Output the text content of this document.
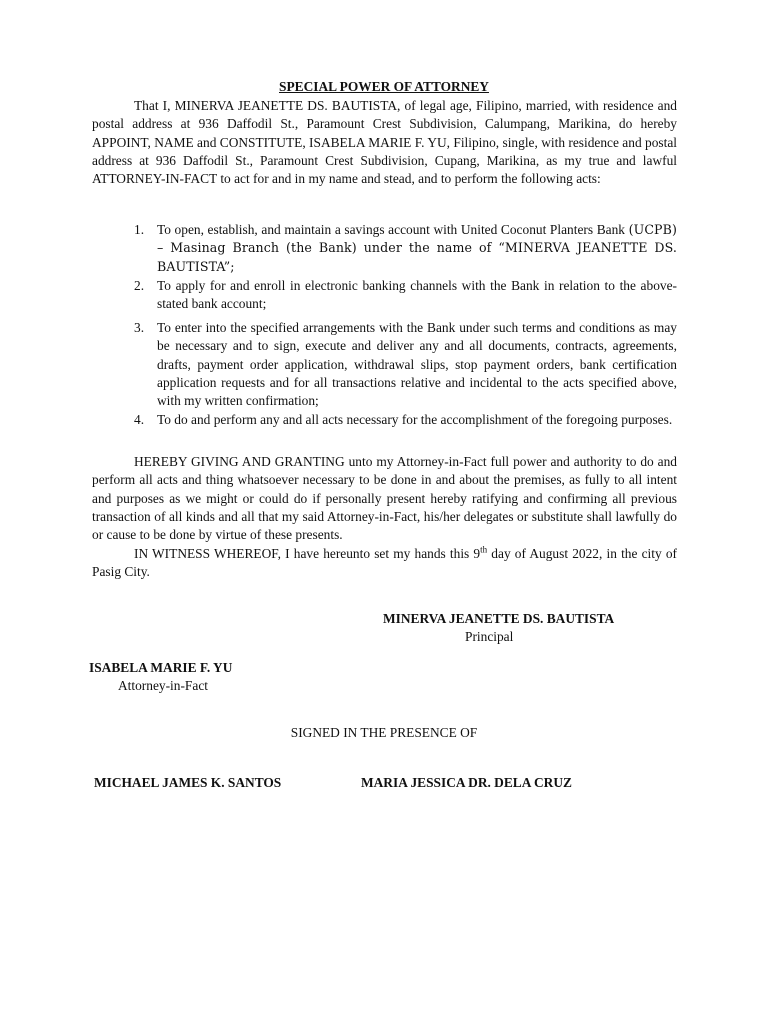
SPECIAL POWER OF ATTORNEY

That I, MINERVA JEANETTE DS. BAUTISTA, of legal age, Filipino, married, with residence and postal address at 936 Daffodil St., Paramount Crest Subdivision, Calumpang, Marikina, do hereby APPOINT, NAME and CONSTITUTE, ISABELA MARIE F. YU, Filipino, single, with residence and postal address at 936 Daffodil St., Paramount Crest Subdivision, Cupang, Marikina, as my true and lawful ATTORNEY-IN-FACT to act for and in my name and stead, and to perform the following acts:

1. To open, establish, and maintain a savings account with United Coconut Planters Bank (UCPB) – Masinag Branch (the Bank) under the name of “MINERVA JEANETTE DS. BAUTISTA”;
2. To apply for and enroll in electronic banking channels with the Bank in relation to the above-stated bank account;
3. To enter into the specified arrangements with the Bank under such terms and conditions as may be necessary and to sign, execute and deliver any and all documents, contracts, agreements, drafts, payment order application, withdrawal slips, stop payment orders, bank certification application requests and for all transactions relative and incidental to the acts specified above, with my written confirmation;
4. To do and perform any and all acts necessary for the accomplishment of the foregoing purposes.

HEREBY GIVING AND GRANTING unto my Attorney-in-Fact full power and authority to do and perform all acts and thing whatsoever necessary to be done in and about the premises, as fully to all intent and purposes as we might or could do if personally present hereby ratifying and confirming all previous transaction of all kinds and all that my said Attorney-in-Fact, his/her delegates or substitute shall lawfully do or cause to be done by virtue of these presents.

IN WITNESS WHEREOF, I have hereunto set my hands this 9th day of August 2022, in the city of Pasig City.

MINERVA JEANETTE DS. BAUTISTA
Principal
ISABELA MARIE F. YU
Attorney-in-Fact
SIGNED IN THE PRESENCE OF
MICHAEL JAMES K. SANTOS	MARIA JESSICA DR. DELA CRUZ
